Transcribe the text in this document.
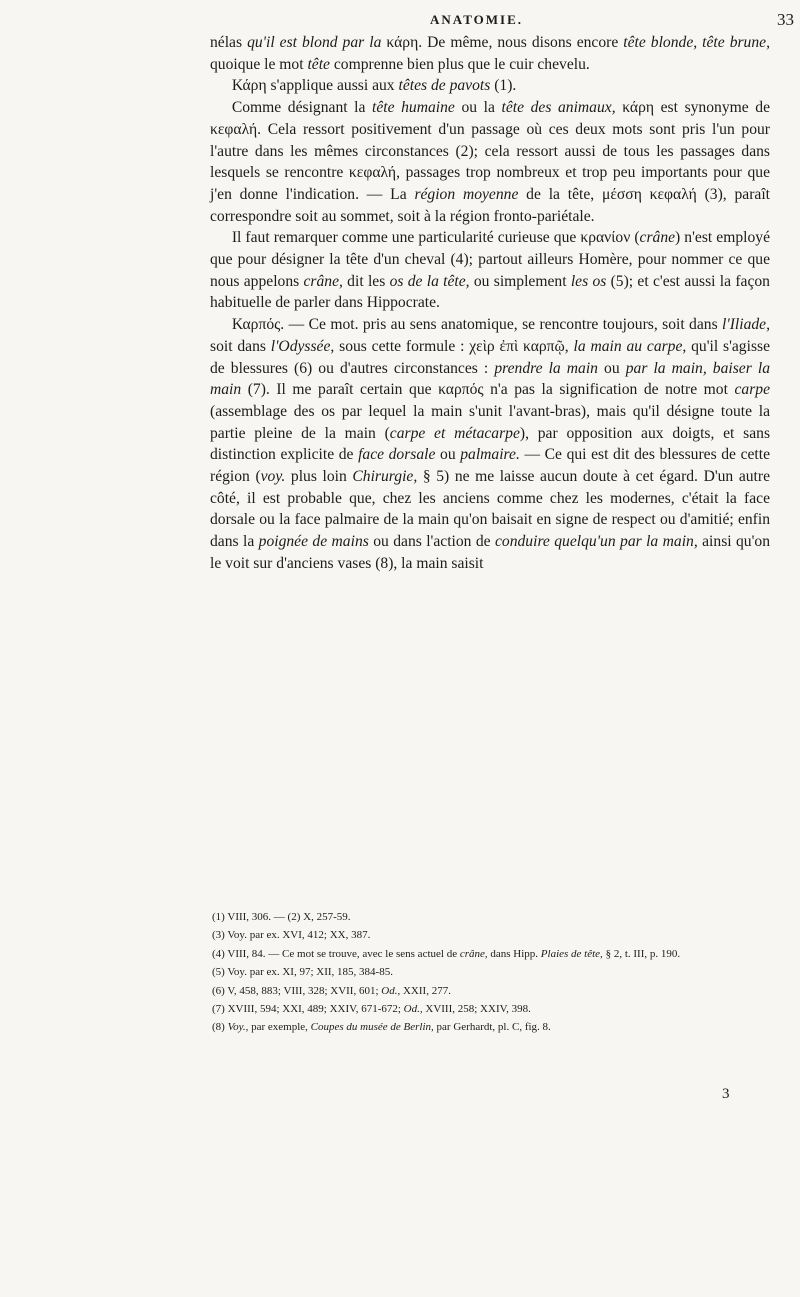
ANATOMIE.	33

nélas qu'il est blond par la κάρη. De même, nous disons encore tête blonde, tête brune, quoique le mot tête comprenne bien plus que le cuir chevelu.

Κάρη s'applique aussi aux têtes de pavots (1).

Comme désignant la tête humaine ou la tête des animaux, κάρη est synonyme de κεφαλή. Cela ressort positivement d'un passage où ces deux mots sont pris l'un pour l'autre dans les mêmes circonstances (2); cela ressort aussi de tous les passages dans lesquels se rencontre κεφαλή, passages trop nombreux et trop peu importants pour que j'en donne l'indication. — La région moyenne de la tête, μέσση κεφαλή (3), paraît correspondre soit au sommet, soit à la région fronto-pariétale.

Il faut remarquer comme une particularité curieuse que κρανίον (crâne) n'est employé que pour désigner la tête d'un cheval (4); partout ailleurs Homère, pour nommer ce que nous appelons crâne, dit les os de la tête, ou simplement les os (5); et c'est aussi la façon habituelle de parler dans Hippocrate.

Καρπός. — Ce mot. pris au sens anatomique, se rencontre toujours, soit dans l'Iliade, soit dans l'Odyssée, sous cette formule : χεὶρ ἐπὶ καρπῷ, la main au carpe, qu'il s'agisse de blessures (6) ou d'autres circonstances : prendre la main ou par la main, baiser la main (7). Il me paraît certain que καρπός n'a pas la signification de notre mot carpe (assemblage des os par lequel la main s'unit l'avant-bras), mais qu'il désigne toute la partie pleine de la main (carpe et métacarpe), par opposition aux doigts, et sans distinction explicite de face dorsale ou palmaire. — Ce qui est dit des blessures de cette région (voy. plus loin Chirurgie, § 5) ne me laisse aucun doute à cet égard. D'un autre côté, il est probable que, chez les anciens comme chez les modernes, c'était la face dorsale ou la face palmaire de la main qu'on baisait en signe de respect ou d'amitié; enfin dans la poignée de mains ou dans l'action de conduire quelqu'un par la main, ainsi qu'on le voit sur d'anciens vases (8), la main saisit

(1) VIII, 306. — (2) X, 257-59.
(3) Voy. par ex. XVI, 412; XX, 387.
(4) VIII, 84. — Ce mot se trouve, avec le sens actuel de crâne, dans Hipp. Plaies de tête, § 2, t. III, p. 190.
(5) Voy. par ex. XI, 97; XII, 185, 384-85.
(6) V, 458, 883; VIII, 328; XVII, 601; Od., XXII, 277.
(7) XVIII, 594; XXI, 489; XXIV, 671-672; Od., XVIII, 258; XXIV, 398.
(8) Voy., par exemple, Coupes du musée de Berlin, par Gerhardt, pl. C, fig. 8.
3
